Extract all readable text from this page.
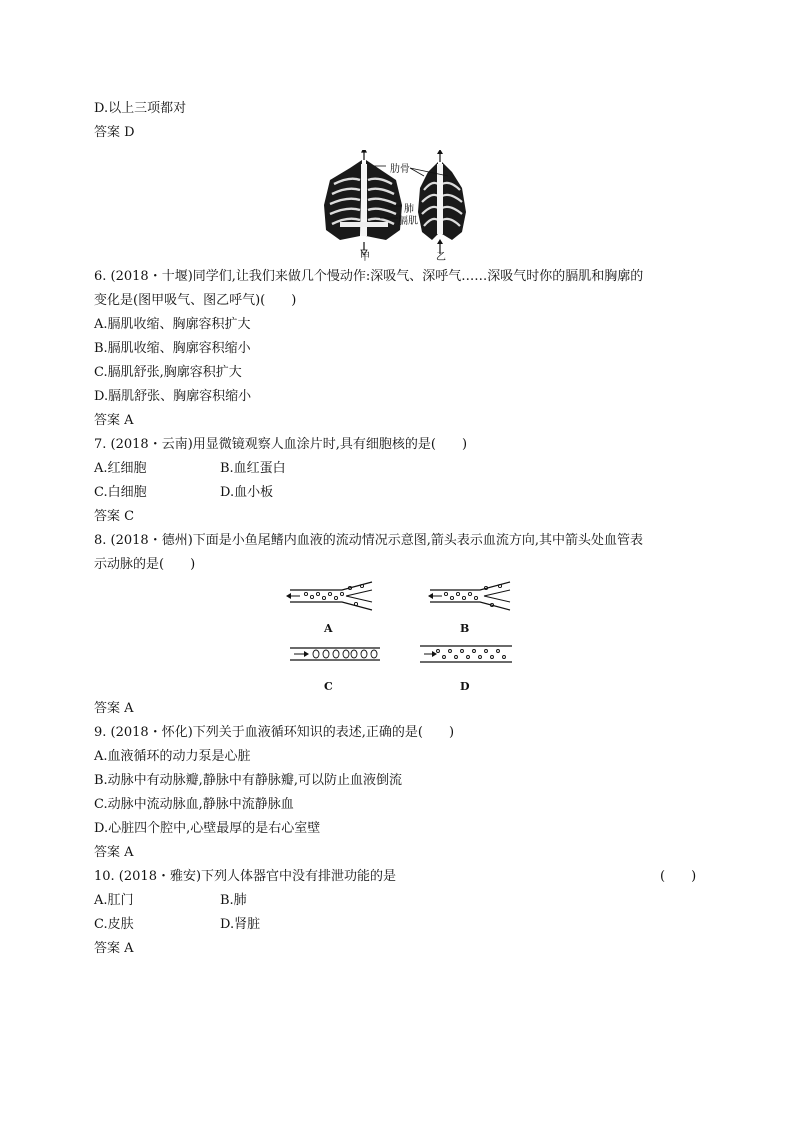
D.以上三项都对
答案 D
肋骨
肺
膈肌
甲	乙
6. (2018・十堰)同学们,让我们来做几个慢动作:深吸气、深呼气……深吸气时你的膈肌和胸廓的
变化是(图甲吸气、图乙呼气)(　　)
A.膈肌收缩、胸廓容积扩大
B.膈肌收缩、胸廓容积缩小
C.膈肌舒张,胸廓容积扩大
D.膈肌舒张、胸廓容积缩小
答案 A
7. (2018・云南)用显微镜观察人血涂片时,具有细胞核的是(　　)
A.红细胞	B.血红蛋白
C.白细胞	D.血小板
答案 C
8. (2018・德州)下面是小鱼尾鳍内血液的流动情况示意图,箭头表示血流方向,其中箭头处血管表
示动脉的是(　　)
A	B
C	D
答案 A
9. (2018・怀化)下列关于血液循环知识的表述,正确的是(　　)
A.血液循环的动力泵是心脏
B.动脉中有动脉瓣,静脉中有静脉瓣,可以防止血液倒流
C.动脉中流动脉血,静脉中流静脉血
D.心脏四个腔中,心壁最厚的是右心室壁
答案 A
10. (2018・雅安)下列人体器官中没有排泄功能的是	(　　)
A.肛门	B.肺
C.皮肤	D.肾脏
答案 A
